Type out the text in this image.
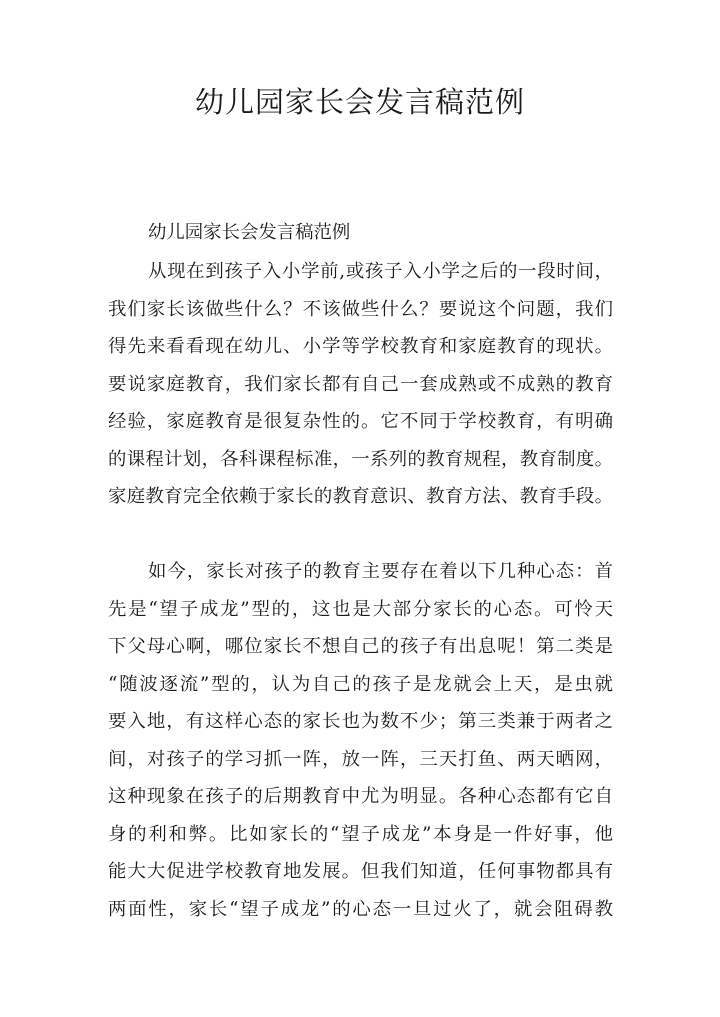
幼儿园家长会发言稿范例
幼儿园家长会发言稿范例
从现在到孩子入小学前,或孩子入小学之后的一段时间，
我们家长该做些什么？不该做些什么？要说这个问题，我们
得先来看看现在幼儿、小学等学校教育和家庭教育的现状。
要说家庭教育，我们家长都有自己一套成熟或不成熟的教育
经验，家庭教育是很复杂性的。它不同于学校教育，有明确
的课程计划，各科课程标准，一系列的教育规程，教育制度。
家庭教育完全依赖于家长的教育意识、教育方法、教育手段。
如今，家长对孩子的教育主要存在着以下几种心态：首
先是“望子成龙”型的，这也是大部分家长的心态。可怜天
下父母心啊，哪位家长不想自己的孩子有出息呢！第二类是
“随波逐流”型的，认为自己的孩子是龙就会上天，是虫就
要入地，有这样心态的家长也为数不少；第三类兼于两者之
间，对孩子的学习抓一阵，放一阵，三天打鱼、两天晒网，
这种现象在孩子的后期教育中尤为明显。各种心态都有它自
身的利和弊。比如家长的“望子成龙”本身是一件好事，他
能大大促进学校教育地发展。但我们知道，任何事物都具有
两面性，家长“望子成龙”的心态一旦过火了，就会阻碍教
